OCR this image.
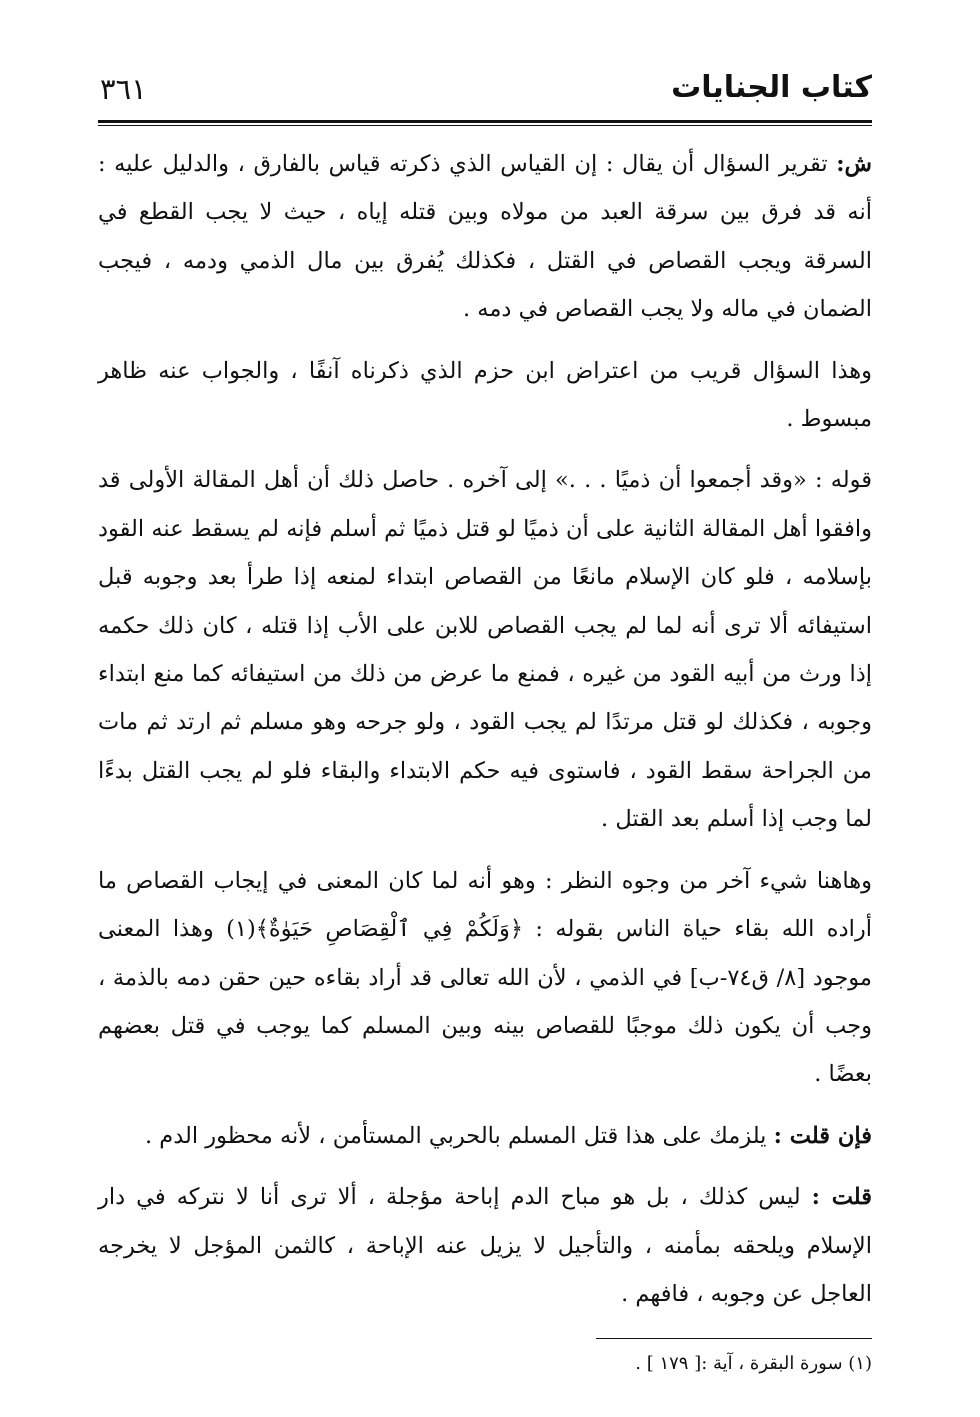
كتاب الجنايات
٣٦١

ش: تقرير السؤال أن يقال : إن القياس الذي ذكرته قياس بالفارق ، والدليل عليه : أنه قد فرق بين سرقة العبد من مولاه وبين قتله إياه ، حيث لا يجب القطع في السرقة ويجب القصاص في القتل ، فكذلك يُفرق بين مال الذمي ودمه ، فيجب الضمان في ماله ولا يجب القصاص في دمه .

وهذا السؤال قريب من اعتراض ابن حزم الذي ذكرناه آنفًا ، والجواب عنه ظاهر مبسوط .

قوله : «وقد أجمعوا أن ذميًا . . .» إلى آخره . حاصل ذلك أن أهل المقالة الأولى قد وافقوا أهل المقالة الثانية على أن ذميًا لو قتل ذميًا ثم أسلم فإنه لم يسقط عنه القود بإسلامه ، فلو كان الإسلام مانعًا من القصاص ابتداء لمنعه إذا طرأ بعد وجوبه قبل استيفائه ألا ترى أنه لما لم يجب القصاص للابن على الأب إذا قتله ، كان ذلك حكمه إذا ورث من أبيه القود من غيره ، فمنع ما عرض من ذلك من استيفائه كما منع ابتداء وجوبه ، فكذلك لو قتل مرتدًا لم يجب القود ، ولو جرحه وهو مسلم ثم ارتد ثم مات من الجراحة سقط القود ، فاستوى فيه حكم الابتداء والبقاء فلو لم يجب القتل بدءًا لما وجب إذا أسلم بعد القتل .

وهاهنا شيء آخر من وجوه النظر : وهو أنه لما كان المعنى في إيجاب القصاص ما أراده الله بقاء حياة الناس بقوله : ﴿وَلَكُمْ فِي ٱلْقِصَاصِ حَيَوٰةٌ﴾(١) وهذا المعنى موجود [٨/ ق٧٤-ب] في الذمي ، لأن الله تعالى قد أراد بقاءه حين حقن دمه بالذمة ، وجب أن يكون ذلك موجبًا للقصاص بينه وبين المسلم كما يوجب في قتل بعضهم بعضًا .

فإن قلت : يلزمك على هذا قتل المسلم بالحربي المستأمن ، لأنه محظور الدم .

قلت : ليس كذلك ، بل هو مباح الدم إباحة مؤجلة ، ألا ترى أنا لا نتركه في دار الإسلام ويلحقه بمأمنه ، والتأجيل لا يزيل عنه الإباحة ، كالثمن المؤجل لا يخرجه العاجل عن وجوبه ، فافهم .

(١) سورة البقرة ، آية :[ ١٧٩ ] .
